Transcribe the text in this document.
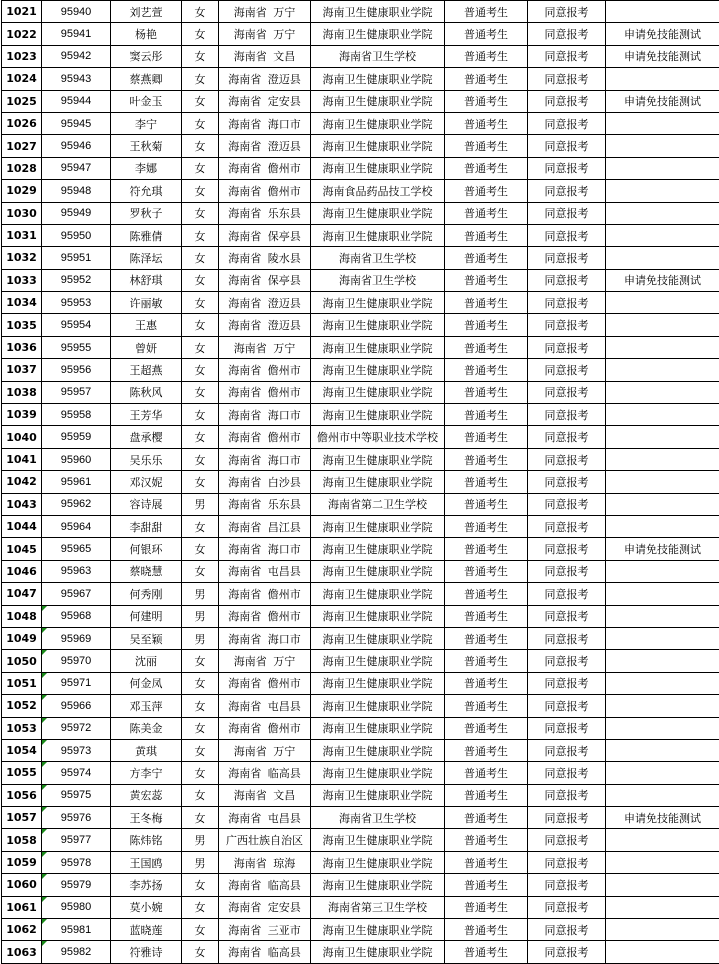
1021	95940	刘艺萱	女	海南省 万宁	海南卫生健康职业学院	普通考生	同意报考	
1022	95941	杨艳	女	海南省 万宁	海南卫生健康职业学院	普通考生	同意报考	申请免技能测试
1023	95942	窦云彤	女	海南省 文昌	海南省卫生学校	普通考生	同意报考	申请免技能测试
1024	95943	蔡燕卿	女	海南省 澄迈县	海南卫生健康职业学院	普通考生	同意报考	
1025	95944	叶金玉	女	海南省 定安县	海南卫生健康职业学院	普通考生	同意报考	申请免技能测试
1026	95945	李宁	女	海南省 海口市	海南卫生健康职业学院	普通考生	同意报考	
1027	95946	王秋菊	女	海南省 澄迈县	海南卫生健康职业学院	普通考生	同意报考	
1028	95947	李娜	女	海南省 儋州市	海南卫生健康职业学院	普通考生	同意报考	
1029	95948	符允琪	女	海南省 儋州市	海南食品药品技工学校	普通考生	同意报考	
1030	95949	罗秋子	女	海南省 乐东县	海南卫生健康职业学院	普通考生	同意报考	
1031	95950	陈雅倩	女	海南省 保亭县	海南卫生健康职业学院	普通考生	同意报考	
1032	95951	陈泽坛	女	海南省 陵水县	海南省卫生学校	普通考生	同意报考	
1033	95952	林舒琪	女	海南省 保亭县	海南省卫生学校	普通考生	同意报考	申请免技能测试
1034	95953	许丽敏	女	海南省 澄迈县	海南卫生健康职业学院	普通考生	同意报考	
1035	95954	王惠	女	海南省 澄迈县	海南卫生健康职业学院	普通考生	同意报考	
1036	95955	曾妍	女	海南省 万宁	海南卫生健康职业学院	普通考生	同意报考	
1037	95956	王超燕	女	海南省 儋州市	海南卫生健康职业学院	普通考生	同意报考	
1038	95957	陈秋风	女	海南省 儋州市	海南卫生健康职业学院	普通考生	同意报考	
1039	95958	王芳华	女	海南省 海口市	海南卫生健康职业学院	普通考生	同意报考	
1040	95959	盘承樱	女	海南省 儋州市	儋州市中等职业技术学校	普通考生	同意报考	
1041	95960	吴乐乐	女	海南省 海口市	海南卫生健康职业学院	普通考生	同意报考	
1042	95961	邓汉妮	女	海南省 白沙县	海南卫生健康职业学院	普通考生	同意报考	
1043	95962	容诗展	男	海南省 乐东县	海南省第二卫生学校	普通考生	同意报考	
1044	95964	李甜甜	女	海南省 昌江县	海南卫生健康职业学院	普通考生	同意报考	
1045	95965	何银环	女	海南省 海口市	海南卫生健康职业学院	普通考生	同意报考	申请免技能测试
1046	95963	蔡晓慧	女	海南省 屯昌县	海南卫生健康职业学院	普通考生	同意报考	
1047	95967	何秀刚	男	海南省 儋州市	海南卫生健康职业学院	普通考生	同意报考	
1048	95968	何建明	男	海南省 儋州市	海南卫生健康职业学院	普通考生	同意报考	
1049	95969	吴至颖	男	海南省 海口市	海南卫生健康职业学院	普通考生	同意报考	
1050	95970	沈丽	女	海南省 万宁	海南卫生健康职业学院	普通考生	同意报考	
1051	95971	何金凤	女	海南省 儋州市	海南卫生健康职业学院	普通考生	同意报考	
1052	95966	邓玉萍	女	海南省 屯昌县	海南卫生健康职业学院	普通考生	同意报考	
1053	95972	陈美金	女	海南省 儋州市	海南卫生健康职业学院	普通考生	同意报考	
1054	95973	黄琪	女	海南省 万宁	海南卫生健康职业学院	普通考生	同意报考	
1055	95974	方李宁	女	海南省 临高县	海南卫生健康职业学院	普通考生	同意报考	
1056	95975	黄宏蕊	女	海南省 文昌	海南卫生健康职业学院	普通考生	同意报考	
1057	95976	王冬梅	女	海南省 屯昌县	海南省卫生学校	普通考生	同意报考	申请免技能测试
1058	95977	陈炜铭	男	广西壮族自治区	海南卫生健康职业学院	普通考生	同意报考	
1059	95978	王国鸥	男	海南省 琼海	海南卫生健康职业学院	普通考生	同意报考	
1060	95979	李苏扬	女	海南省 临高县	海南卫生健康职业学院	普通考生	同意报考	
1061	95980	莫小婉	女	海南省 定安县	海南省第三卫生学校	普通考生	同意报考	
1062	95981	蓝晓莲	女	海南省 三亚市	海南卫生健康职业学院	普通考生	同意报考	
1063	95982	符雅诗	女	海南省 临高县	海南卫生健康职业学院	普通考生	同意报考	
